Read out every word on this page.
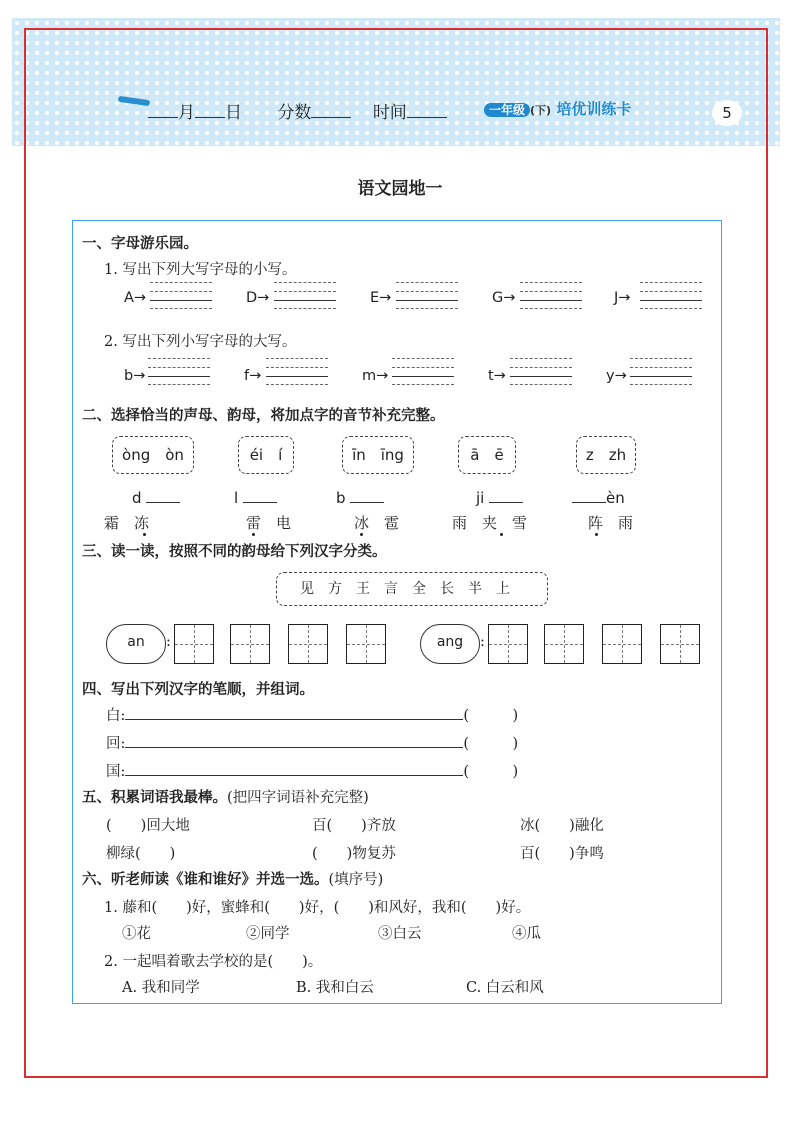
月 日 分数	时间	一年级 (下) 培优训练卡	5
语文园地一
一、字母游乐园。
1. 写出下列大写字母的小写。
A→	D→	E→	G→	J→
2. 写出下列小写字母的大写。
b→	f→	m→	t→	y→
二、选择恰当的声母、韵母，将加点字的音节补充完整。
òng　òn	éi　í	īn　īng	ā　ē	z　zh
d	l	b	ji	èn
霜　冻	雷　电	冰　雹	雨　夹　雪	阵　雨
三、读一读，按照不同的韵母给下列汉字分类。
见方王言全长半上
an	:	ang	:
四、写出下列汉字的笔顺，并组词。
白:	(　　　)
回:	(　　　)
国:	(　　　)
五、积累词语我最棒。(把四字词语补充完整)
(　　)回大地	百(　　)齐放	冰(　　)融化
柳绿(　　)	(　　)物复苏	百(　　)争鸣
六、听老师读《谁和谁好》并选一选。(填序号)
1. 藤和(　　)好，蜜蜂和(　　)好，(　　)和风好，我和(　　)好。
①花	②同学	③白云	④瓜
2. 一起唱着歌去学校的是(　　)。
A. 我和同学	B. 我和白云	C. 白云和风
